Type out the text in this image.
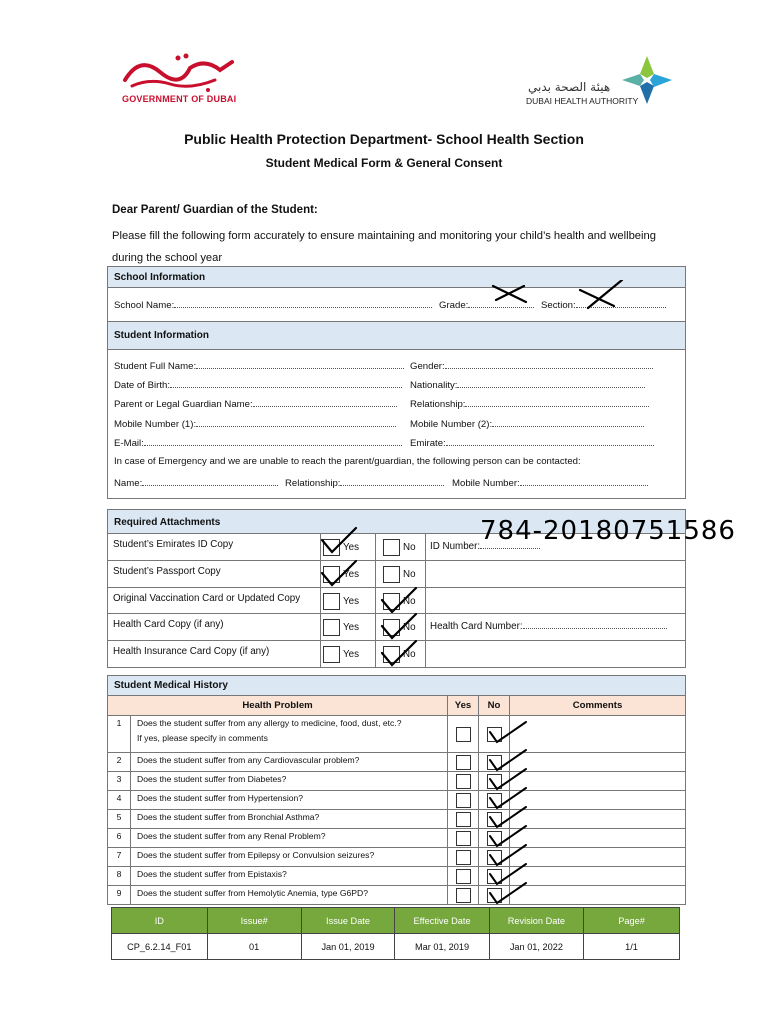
GOVERNMENT OF DUBAI
هيئة الصحة بدبي
DUBAI HEALTH AUTHORITY
Public Health Protection Department- School Health Section
Student Medical Form & General Consent
Dear Parent/ Guardian of the Student:
Please fill the following form accurately to ensure maintaining and monitoring your child’s health and wellbeing during the school year
School Information
School Name:	Grade:	Section:
Student Information
Student Full Name:	Gender:
Date of Birth:	Nationality:
Parent or Legal Guardian Name:	Relationship:
Mobile Number (1):	Mobile Number (2):
E-Mail:	Emirate:
In case of Emergency and we are unable to reach the parent/guardian, the following person can be contacted:
Name:	Relationship:	Mobile Number:
Required Attachments
Student’s Emirates ID Copy	Yes	No ID Number:
Student’s Passport Copy	Yes	No
Original Vaccination Card or Updated Copy	Yes	No
Health Card Copy (if any)	Yes	No Health Card Number:
Health Insurance Card Copy (if any)	Yes	No
784-20180751586
Student Medical History
Health Problem		Yes	No	Comments
1	Does the student suffer from any allergy to medicine, food, dust, etc.?
If yes, please specify in comments

2	Does the student suffer from any Cardiovascular problem?

3	Does the student suffer from Diabetes?

4	Does the student suffer from Hypertension?

5	Does the student suffer from Bronchial Asthma?

6	Does the student suffer from any Renal Problem?

7	Does the student suffer from Epilepsy or Convulsion seizures?

8	Does the student suffer from Epistaxis?

9	Does the student suffer from Hemolytic Anemia, type G6PD?

ID	Issue#	Issue Date	Effective Date	Revision Date	Page#
CP_6.2.14_F01	01	Jan 01, 2019	Mar 01, 2019	Jan 01, 2022	1/1
